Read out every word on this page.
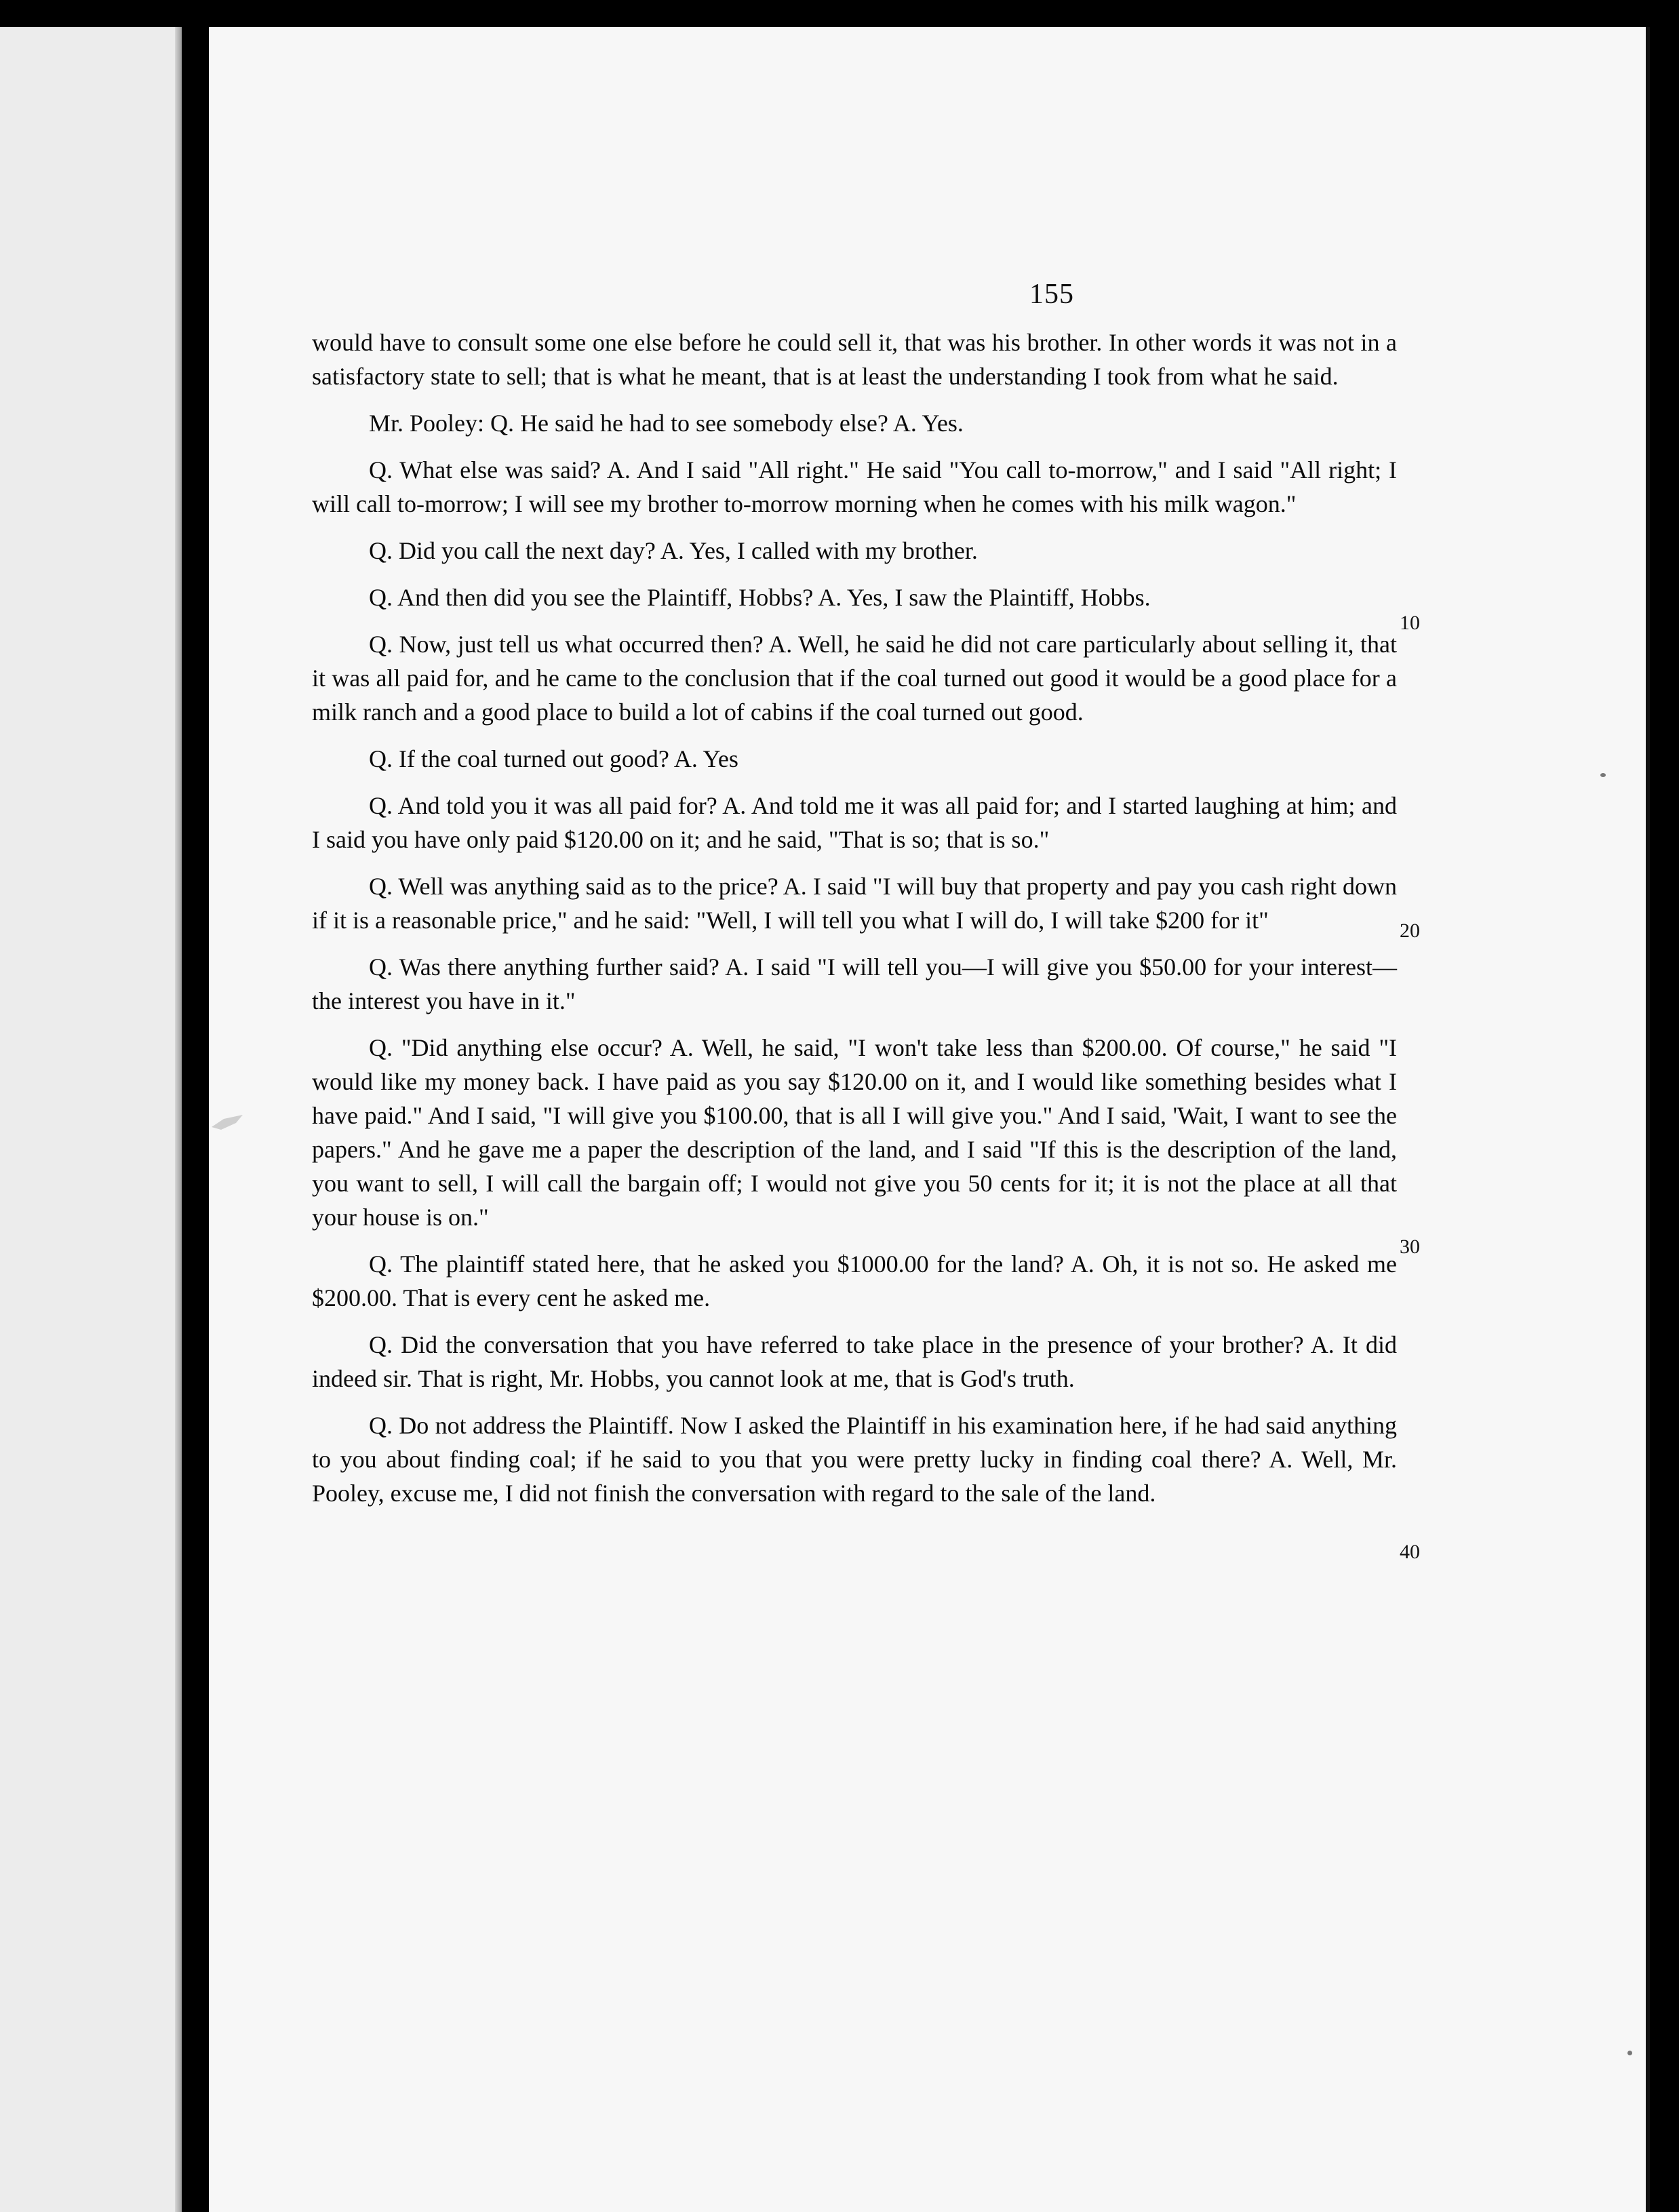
155

would have to consult some one else before he could sell it, that was his brother. In other words it was not in a satisfactory state to sell; that is what he meant, that is at least the understanding I took from what he said.

Mr. Pooley: Q. He said he had to see somebody else? A. Yes.

Q. What else was said? A. And I said "All right." He said "You call to-morrow," and I said "All right; I will call to-morrow; I will see my brother to-morrow morning when he comes with his milk wagon."

Q. Did you call the next day? A. Yes, I called with my brother.

Q. And then did you see the Plaintiff, Hobbs? A. Yes, I saw the Plaintiff, Hobbs.

Q. Now, just tell us what occurred then? A. Well, he said he did not care particularly about selling it, that it was all paid for, and he came to the conclusion that if the coal turned out good it would be a good place for a milk ranch and a good place to build a lot of cabins if the coal turned out good.

Q. If the coal turned out good? A. Yes

Q. And told you it was all paid for? A. And told me it was all paid for; and I started laughing at him; and I said you have only paid $120.00 on it; and he said, "That is so; that is so."

Q. Well was anything said as to the price? A. I said "I will buy that property and pay you cash right down if it is a reasonable price," and he said: "Well, I will tell you what I will do, I will take $200 for it"

Q. Was there anything further said? A. I said "I will tell you—I will give you $50.00 for your interest—the interest you have in it."

Q. "Did anything else occur? A. Well, he said, "I won't take less than $200.00. Of course," he said "I would like my money back. I have paid as you say $120.00 on it, and I would like something besides what I have paid." And I said, "I will give you $100.00, that is all I will give you." And I said, 'Wait, I want to see the papers." And he gave me a paper the description of the land, and I said "If this is the description of the land, you want to sell, I will call the bargain off; I would not give you 50 cents for it; it is not the place at all that your house is on."

Q. The plaintiff stated here, that he asked you $1000.00 for the land? A. Oh, it is not so. He asked me $200.00. That is every cent he asked me.

Q. Did the conversation that you have referred to take place in the presence of your brother? A. It did indeed sir. That is right, Mr. Hobbs, you cannot look at me, that is God's truth.

Q. Do not address the Plaintiff. Now I asked the Plaintiff in his examination here, if he had said anything to you about finding coal; if he said to you that you were pretty lucky in finding coal there? A. Well, Mr. Pooley, excuse me, I did not finish the conversation with regard to the sale of the land.

10
20
30
40
